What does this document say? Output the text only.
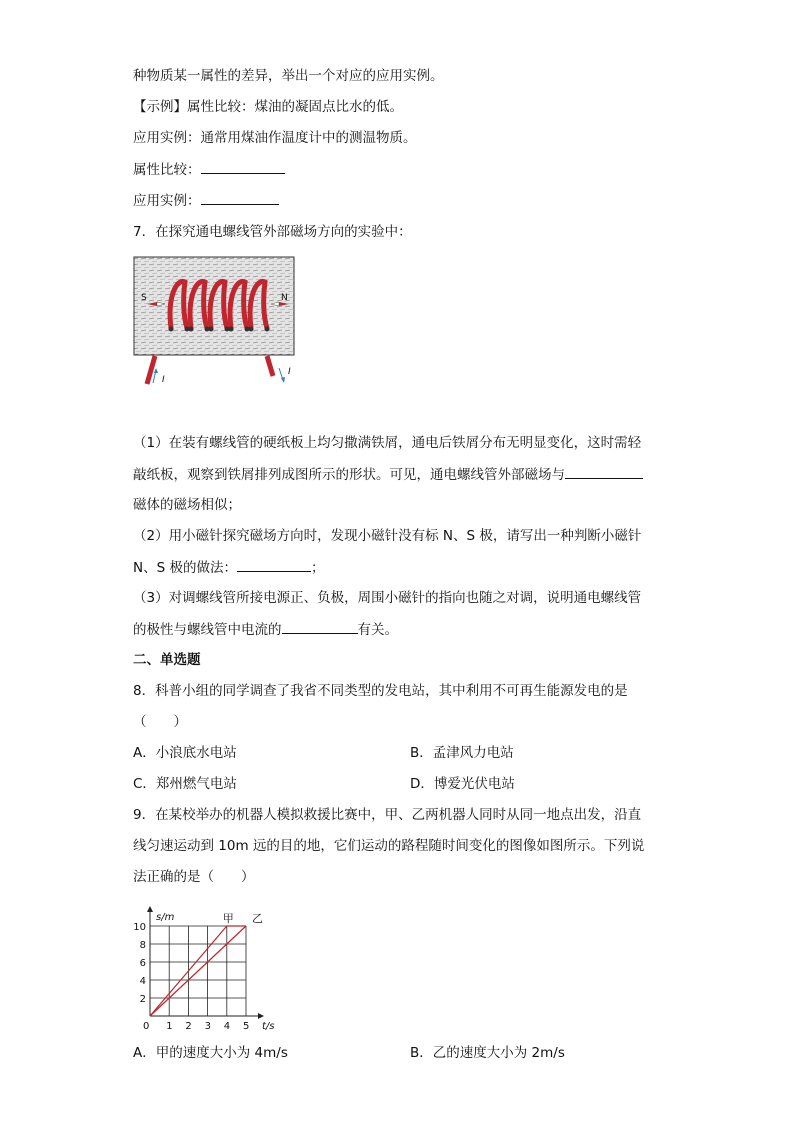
种物质某一属性的差异，举出一个对应的应用实例。
【示例】属性比较：煤油的凝固点比水的低。
应用实例：通常用煤油作温度计中的测温物质。
属性比较：
应用实例：
7．在探究通电螺线管外部磁场方向的实验中：
S	N
I
I
（1）在装有螺线管的硬纸板上均匀撒满铁屑，通电后铁屑分布无明显变化，这时需轻
敲纸板，观察到铁屑排列成图所示的形状。可见，通电螺线管外部磁场与
磁体的磁场相似；
（2）用小磁针探究磁场方向时，发现小磁针没有标 N、S 极，请写出一种判断小磁针
N、S 极的做法：	；
（3）对调螺线管所接电源正、负极，周围小磁针的指向也随之对调，说明通电螺线管
的极性与螺线管中电流的	有关。
二、单选题
8．科普小组的同学调查了我省不同类型的发电站，其中利用不可再生能源发电的是
（　　）
A．小浪底水电站	B．孟津风力电站
C．郑州燃气电站	D．博爱光伏电站
9．在某校举办的机器人模拟救援比赛中，甲、乙两机器人同时从同一地点出发，沿直
线匀速运动到 10m 远的目的地，它们运动的路程随时间变化的图像如图所示。下列说
法正确的是（　　）
0 1 2 3 4 5
2
4
6
8
10
s/m
t/s
甲 乙
A．甲的速度大小为 4m/s	B．乙的速度大小为 2m/s
